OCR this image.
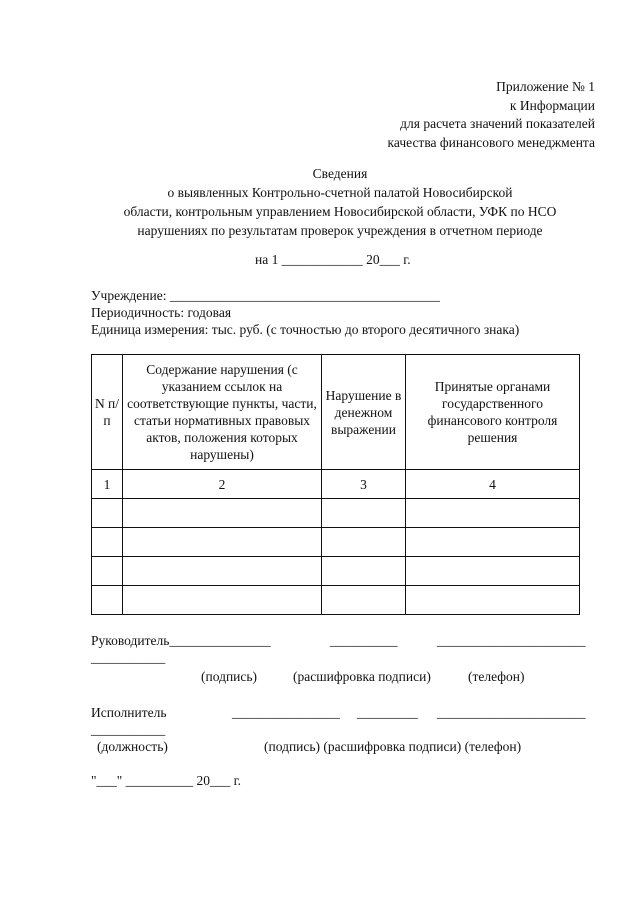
Приложение № 1
к Информации
для расчета значений показателей
качества финансового менеджмента
Сведения
о выявленных Контрольно-счетной палатой Новосибирской
области, контрольным управлением Новосибирской области, УФК по НСО
нарушениях по результатам проверок учреждения в отчетном периоде
на 1 ____________ 20___ г.
Учреждение: ________________________________________
Периодичность: годовая
Единица измерения: тыс. руб. (с точностью до второго десятичного знака)
N п/п	Содержание нарушения (с указанием ссылок на соответствующие пункты, части, статьи нормативных правовых актов, положения которых нарушены)	Нарушение в денежном выражении	Принятые органами государственного финансового контроля решения
1	2	3	4

Руководитель_______________	__________	______________________
___________
(подпись)	(расшифровка подписи)	(телефон)
Исполнитель	________________ _________ ______________________
___________
(должность)	(подпись) (расшифровка подписи) (телефон)
"___" __________ 20___ г.
